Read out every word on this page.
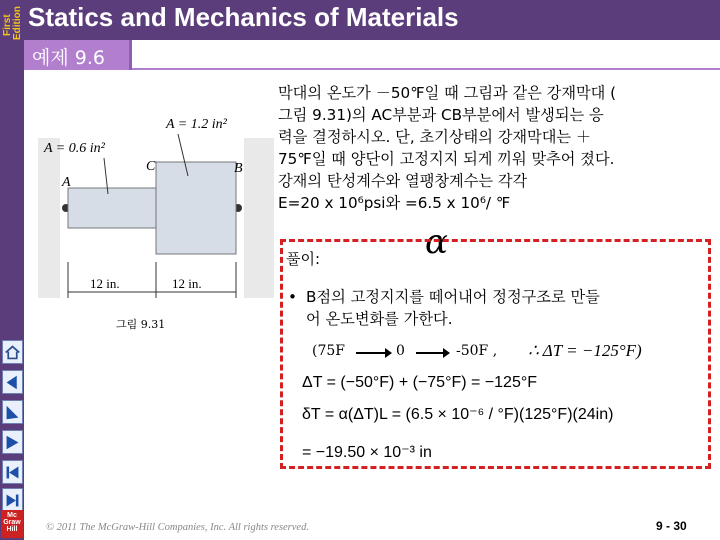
First Edition
Mc
Graw
Hill
Statics and Mechanics of Materials
예제 9.6
A = 1.2 in²
A = 0.6 in²
A
C	B
12 in.	12 in.
그림 9.31
막대의 온도가 －50℉일 때 그림과 같은 강재막대 (
그림 9.31)의 AC부분과 CB부분에서 발생되는 응
력을 결정하시오. 단, 초기상태의 강재막대는 ＋
75℉일 때 양단이 고정지지 되게 끼워 맞추어 졌다.
강재의 탄성계수와 열팽창계수는 각각
E=20 x 10⁶psi와 =6.5 x 10⁶/ ℉
α
풀이:
• B점의 고정지지를 떼어내어 정정구조로 만들
어 온도변화를 가한다.
(75F	0	-50F , ∴ ΔT = −125°F)
ΔT = (−50°F) + (−75°F) = −125°F
δT = α(ΔT)L = (6.5 × 10⁻⁶ / °F)(125°F)(24in)
= −19.50 × 10⁻³ in
© 2011 The McGraw-Hill Companies, Inc. All rights reserved.	9 - 30
